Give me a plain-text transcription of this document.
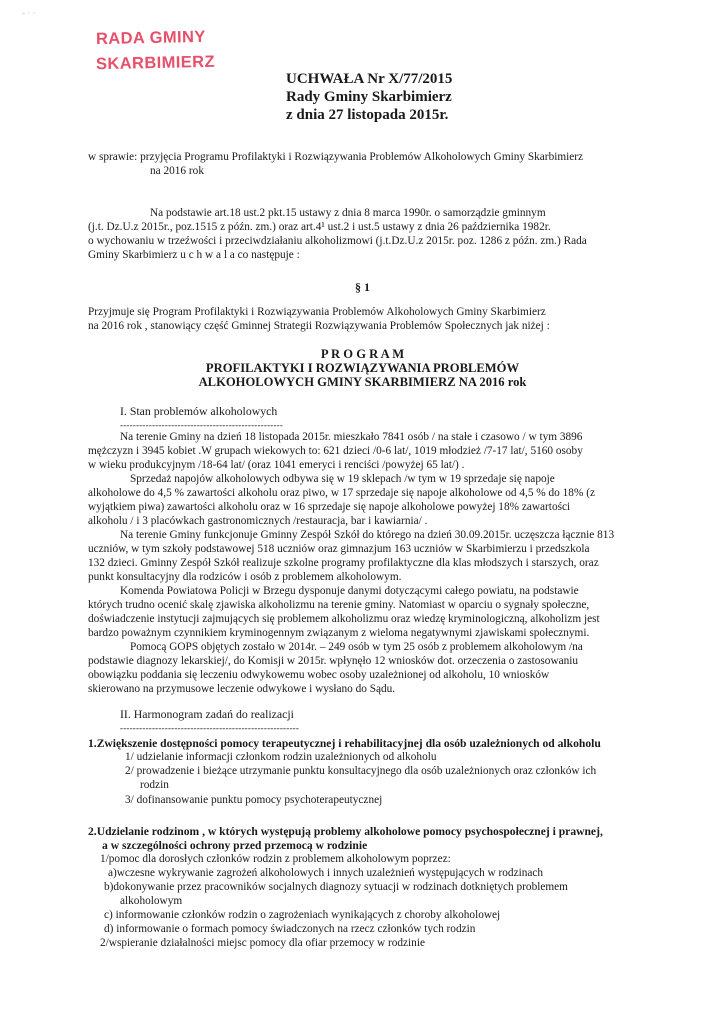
- · ·
RADA GMINY
SKARBIMIERZ
UCHWAŁA Nr X/77/2015
Rady Gminy Skarbimierz
z dnia 27 listopada 2015r.
w sprawie: przyjęcia Programu Profilaktyki i Rozwiązywania Problemów Alkoholowych Gminy Skarbimierz
na 2016 rok
Na podstawie art.18 ust.2 pkt.15 ustawy z dnia 8 marca 1990r. o samorządzie gminnym
(j.t. Dz.U.z 2015r., poz.1515 z późn. zm.) oraz art.4¹ ust.2 i ust.5 ustawy z dnia 26 października 1982r.
o wychowaniu w trzeźwości i przeciwdziałaniu alkoholizmowi (j.t.Dz.U.z 2015r. poz. 1286 z późn. zm.) Rada
Gminy Skarbimierz u c h w a l a co następuje :
§ 1
Przyjmuje się Program Profilaktyki i Rozwiązywania Problemów Alkoholowych Gminy Skarbimierz
na 2016 rok , stanowiący część Gminnej Strategii Rozwiązywania Problemów Społecznych jak niżej :
P R O G R A M
PROFILAKTYKI I ROZWIĄZYWANIA PROBLEMÓW
ALKOHOLOWYCH GMINY SKARBIMIERZ NA 2016 rok
I. Stan problemów alkoholowych
---------------------------------------------------
Na terenie Gminy na dzień 18 listopada 2015r. mieszkało 7841 osób / na stałe i czasowo / w tym 3896
mężczyzn i 3945 kobiet .W grupach wiekowych to: 621 dzieci /0-6 lat/, 1019 młodzież /7-17 lat/, 5160 osoby
w wieku produkcyjnym /18-64 lat/ (oraz 1041 emeryci i renciści /powyżej 65 lat/) .
Sprzedaż napojów alkoholowych odbywa się w 19 sklepach /w tym w 19 sprzedaje się napoje
alkoholowe do 4,5 % zawartości alkoholu oraz piwo, w 17 sprzedaje się napoje alkoholowe od 4,5 % do 18% (z
wyjątkiem piwa) zawartości alkoholu oraz w 16 sprzedaje się napoje alkoholowe powyżej 18% zawartości
alkoholu / i 3 placówkach gastronomicznych /restauracja, bar i kawiarnia/ .
Na terenie Gminy funkcjonuje Gminny Zespół Szkół do którego na dzień 30.09.2015r. uczęszcza łącznie 813
uczniów, w tym szkoły podstawowej 518 uczniów oraz gimnazjum 163 uczniów w Skarbimierzu i przedszkola
132 dzieci. Gminny Zespół Szkół realizuje szkolne programy profilaktyczne dla klas młodszych i starszych, oraz
punkt konsultacyjny dla rodziców i osób z problemem alkoholowym.
Komenda Powiatowa Policji w Brzegu dysponuje danymi dotyczącymi całego powiatu, na podstawie
których trudno ocenić skalę zjawiska alkoholizmu na terenie gminy. Natomiast w oparciu o sygnały społeczne,
doświadczenie instytucji zajmujących się problemem alkoholizmu oraz wiedzę kryminologiczną, alkoholizm jest
bardzo poważnym czynnikiem kryminogennym związanym z wieloma negatywnymi zjawiskami społecznymi.
Pomocą GOPS objętych zostało w 2014r. – 249 osób w tym 25 osób z problemem alkoholowym /na
podstawie diagnozy lekarskiej/, do Komisji w 2015r. wpłynęło 12 wniosków dot. orzeczenia o zastosowaniu
obowiązku poddania się leczeniu odwykowemu wobec osoby uzależnionej od alkoholu, 10 wniosków
skierowano na przymusowe leczenie odwykowe i wysłano do Sądu.
II. Harmonogram zadań do realizacji
--------------------------------------------------------
1.Zwiększenie dostępności pomocy terapeutycznej i rehabilitacyjnej dla osób uzależnionych od alkoholu
1/ udzielanie informacji członkom rodzin uzależnionych od alkoholu
2/ prowadzenie i bieżące utrzymanie punktu konsultacyjnego dla osób uzależnionych oraz członków ich
rodzin
3/ dofinansowanie punktu pomocy psychoterapeutycznej
2.Udzielanie rodzinom , w których występują problemy alkoholowe pomocy psychospołecznej i prawnej,
a w szczególności ochrony przed przemocą w rodzinie
1/pomoc dla dorosłych członków rodzin z problemem alkoholowym poprzez:
a)wczesne wykrywanie zagrożeń alkoholowych i innych uzależnień występujących w rodzinach
b)dokonywanie przez pracowników socjalnych diagnozy sytuacji w rodzinach dotkniętych problemem
alkoholowym
c) informowanie członków rodzin o zagrożeniach wynikających z choroby alkoholowej
d) informowanie o formach pomocy świadczonych na rzecz członków tych rodzin
2/wspieranie działalności miejsc pomocy dla ofiar przemocy w rodzinie
